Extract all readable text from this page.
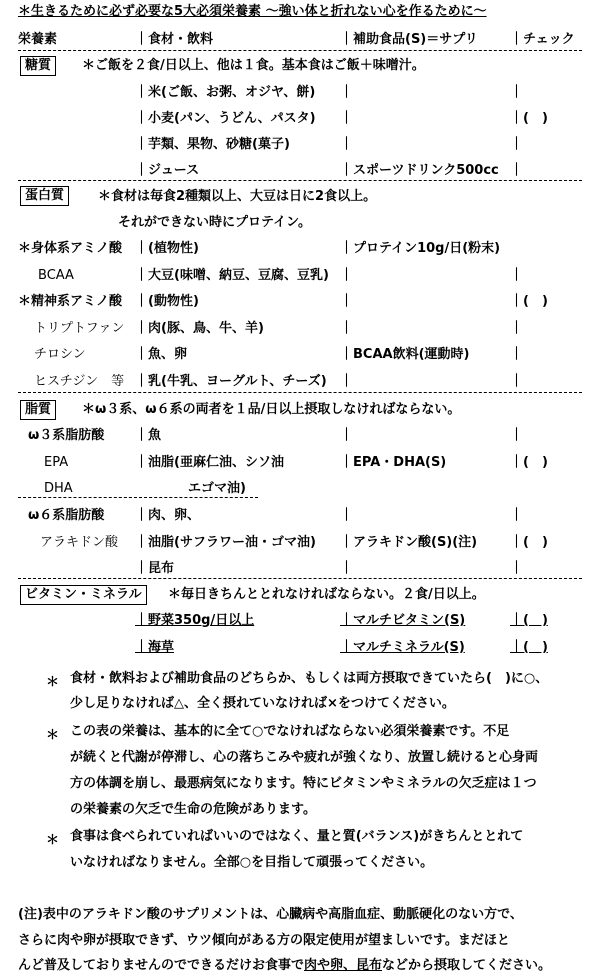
＊生きるために必ず必要な5大必須栄養素 ～強い体と折れない心を作るために～
栄養素	｜食材・飲料	｜補助食品(S)＝サプリ ｜チェック
糖質	＊ご飯を２食/日以上、他は１食。基本食はご飯＋味噌汁。
｜米(ご飯、お粥、オジヤ、餅) ｜	｜
｜小麦(パン、うどん、パスタ) ｜	｜(　)
｜芋類、果物、砂糖(菓子)	｜	｜
｜ジュース	｜スポーツドリンク500cc ｜
蛋白質	＊食材は毎食2種類以上、大豆は日に2食以上。
それができない時にプロテイン。
＊身体系アミノ酸 ｜(植物性)	｜プロテイン10g/日(粉末)
BCAA	｜大豆(味噌、納豆、豆腐、豆乳) ｜	｜
＊精神系アミノ酸 ｜(動物性)	｜	｜(　)
トリプトファン ｜肉(豚、鳥、牛、羊)	｜	｜
チロシン	｜魚、卵	｜BCAA飲料(運動時)	｜
ヒスチジン　等 ｜乳(牛乳、ヨーグルト、チーズ) ｜	｜
脂質	＊ω３系、ω６系の両者を１品/日以上摂取しなければならない。
ω３系脂肪酸 ｜魚	｜	｜
EPA	｜油脂(亜麻仁油、シソ油	｜EPA・DHA(S)	｜(　)
DHA	エゴマ油)
ω６系脂肪酸 ｜肉、卵、	｜	｜
アラキドン酸 ｜油脂(サフラワー油・ゴマ油) ｜アラキドン酸(S)(注)	｜(　)
｜昆布	｜	｜
ビタミン・ミネラル	＊毎日きちんととれなければならない。２食/日以上。
｜野菜350g/日以上	｜マルチビタミン(S)	｜(　)
｜海草	｜マルチミネラル(S)	｜(　)
＊ 食材・飲料および補助食品のどちらか、もしくは両方摂取できていたら(　)に○、
少し足りなければ△、全く摂れていなければ×をつけてください。
＊ この表の栄養は、基本的に全て○でなければならない必須栄養素です。不足
が続くと代謝が停滞し、心の落ちこみや疲れが強くなり、放置し続けると心身両
方の体調を崩し、最悪病気になります。特にビタミンやミネラルの欠乏症は１つ
の栄養素の欠乏で生命の危険があります。
＊ 食事は食べられていればいいのではなく、量と質(バランス)がきちんととれて
いなければなりません。全部○を目指して頑張ってください。
(注)表中のアラキドン酸のサプリメントは、心臓病や高脂血症、動脈硬化のない方で、
さらに肉や卵が摂取できず、ウツ傾向がある方の限定使用が望ましいです。まだほと
んど普及しておりませんのでできるだけお食事で肉や卵、昆布などから摂取してください。
